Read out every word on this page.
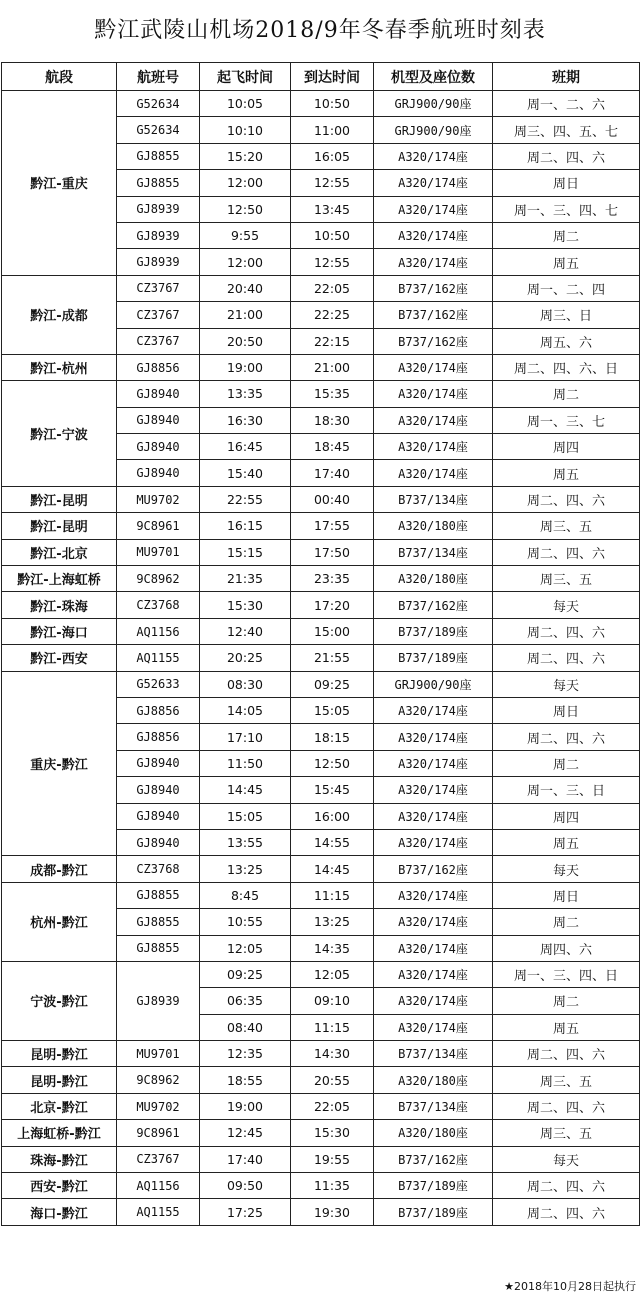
黔江武陵山机场2018/9年冬春季航班时刻表
航段	航班号	起飞时间	到达时间	机型及座位数	班期
黔江-重庆	G52634	10:05	10:50	GRJ900/90座	周一、二、六
	G52634	10:10	11:00	GRJ900/90座	周三、四、五、七
	GJ8855	15:20	16:05	A320/174座	周二、四、六
	GJ8855	12:00	12:55	A320/174座	周日
	GJ8939	12:50	13:45	A320/174座	周一、三、四、七
	GJ8939	9:55	10:50	A320/174座	周二
	GJ8939	12:00	12:55	A320/174座	周五
黔江-成都	CZ3767	20:40	22:05	B737/162座	周一、二、四
	CZ3767	21:00	22:25	B737/162座	周三、日
	CZ3767	20:50	22:15	B737/162座	周五、六
黔江-杭州	GJ8856	19:00	21:00	A320/174座	周二、四、六、日
黔江-宁波	GJ8940	13:35	15:35	A320/174座	周二
	GJ8940	16:30	18:30	A320/174座	周一、三、七
	GJ8940	16:45	18:45	A320/174座	周四
	GJ8940	15:40	17:40	A320/174座	周五
黔江-昆明	MU9702	22:55	00:40	B737/134座	周二、四、六
黔江-昆明	9C8961	16:15	17:55	A320/180座	周三、五
黔江-北京	MU9701	15:15	17:50	B737/134座	周二、四、六
黔江-上海虹桥	9C8962	21:35	23:35	A320/180座	周三、五
黔江-珠海	CZ3768	15:30	17:20	B737/162座	每天
黔江-海口	AQ1156	12:40	15:00	B737/189座	周二、四、六
黔江-西安	AQ1155	20:25	21:55	B737/189座	周二、四、六
重庆-黔江	G52633	08:30	09:25	GRJ900/90座	每天
	GJ8856	14:05	15:05	A320/174座	周日
	GJ8856	17:10	18:15	A320/174座	周二、四、六
	GJ8940	11:50	12:50	A320/174座	周二
	GJ8940	14:45	15:45	A320/174座	周一、三、日
	GJ8940	15:05	16:00	A320/174座	周四
	GJ8940	13:55	14:55	A320/174座	周五
成都-黔江	CZ3768	13:25	14:45	B737/162座	每天
杭州-黔江	GJ8855	8:45	11:15	A320/174座	周日
	GJ8855	10:55	13:25	A320/174座	周二
	GJ8855	12:05	14:35	A320/174座	周四、六
宁波-黔江	GJ8939	09:25	12:05	A320/174座	周一、三、四、日
		06:35	09:10	A320/174座	周二
		08:40	11:15	A320/174座	周五
昆明-黔江	MU9701	12:35	14:30	B737/134座	周二、四、六
昆明-黔江	9C8962	18:55	20:55	A320/180座	周三、五
北京-黔江	MU9702	19:00	22:05	B737/134座	周二、四、六
上海虹桥-黔江	9C8961	12:45	15:30	A320/180座	周三、五
珠海-黔江	CZ3767	17:40	19:55	B737/162座	每天
西安-黔江	AQ1156	09:50	11:35	B737/189座	周二、四、六
海口-黔江	AQ1155	17:25	19:30	B737/189座	周二、四、六
★2018年10月28日起执行
